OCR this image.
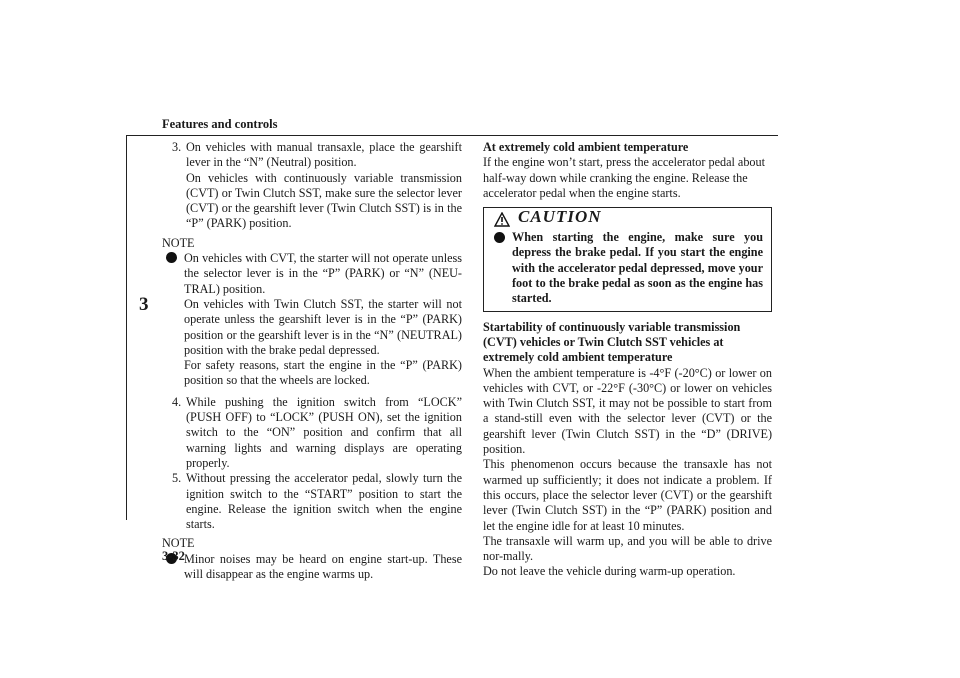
Features and controls
3
3. On vehicles with manual transaxle, place the gearshift lever in the “N” (Neutral) position.

On vehicles with continuously variable transmission (CVT) or Twin Clutch SST, make sure the selector lever (CVT) or the gearshift lever (Twin Clutch SST) is in the “P” (PARK) position.

NOTE

On vehicles with CVT, the starter will not operate unless the selector lever is in the “P” (PARK) or “N” (NEU-TRAL) position.

On vehicles with Twin Clutch SST, the starter will not operate unless the gearshift lever is in the “P” (PARK) position or the gearshift lever is in the “N” (NEUTRAL) position with the brake pedal depressed.

For safety reasons, start the engine in the “P” (PARK) position so that the wheels are locked.

4. While pushing the ignition switch from “LOCK” (PUSH OFF) to “LOCK” (PUSH ON), set the ignition switch to the “ON” position and confirm that all warning lights and warning displays are operating properly.

5. Without pressing the accelerator pedal, slowly turn the ignition switch to the “START” position to start the engine. Release the ignition switch when the engine starts.

NOTE

Minor noises may be heard on engine start-up. These will disappear as the engine warms up.

At extremely cold ambient temperature

If the engine won’t start, press the accelerator pedal about half-way down while cranking the engine. Release the accelerator pedal when the engine starts.

CAUTION

When starting the engine, make sure you depress the brake pedal. If you start the engine with the accelerator pedal depressed, move your foot to the brake pedal as soon as the engine has started.

Startability of continuously variable transmission (CVT) vehicles or Twin Clutch SST vehicles at extremely cold ambient temperature

When the ambient temperature is -4°F (-20°C) or lower on vehicles with CVT, or -22°F (-30°C) or lower on vehicles with Twin Clutch SST, it may not be possible to start from a stand-still even with the selector lever (CVT) or the gearshift lever (Twin Clutch SST) in the “D” (DRIVE) position.

This phenomenon occurs because the transaxle has not warmed up sufficiently; it does not indicate a problem. If this occurs, place the selector lever (CVT) or the gearshift lever (Twin Clutch SST) in the “P” (PARK) position and let the engine idle for at least 10 minutes.

The transaxle will warm up, and you will be able to drive nor-mally.

Do not leave the vehicle during warm-up operation.

3-32
